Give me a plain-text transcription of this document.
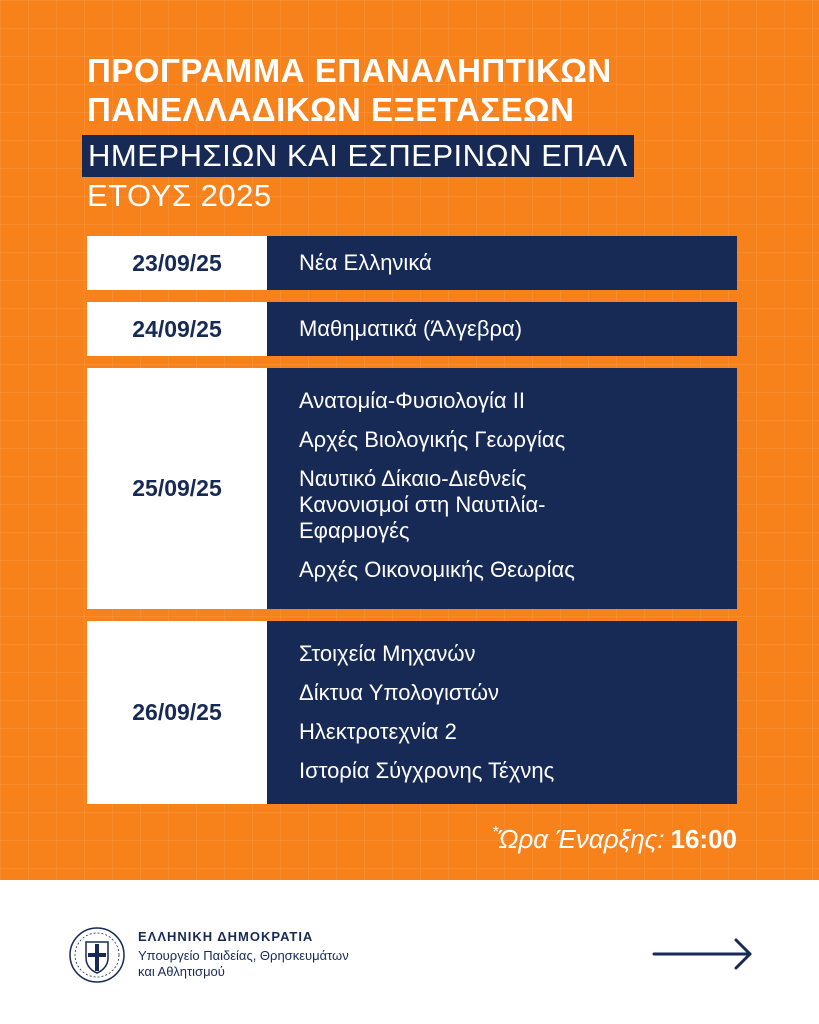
ΠΡΟΓΡΑΜΜΑ ΕΠΑΝΑΛΗΠΤΙΚΩΝ
ΠΑΝΕΛΛΑΔΙΚΩΝ ΕΞΕΤΑΣΕΩΝ
ΗΜΕΡΗΣΙΩΝ ΚΑΙ ΕΣΠΕΡΙΝΩΝ ΕΠΑΛ
ΕΤΟΥΣ 2025
23/09/25	Νέα Ελληνικά
24/09/25	Μαθηματικά (Άλγεβρα)
25/09/25
Ανατομία-Φυσιολογία ΙΙ
Αρχές Βιολογικής Γεωργίας
Ναυτικό Δίκαιο-Διεθνείς
Κανονισμοί στη Ναυτιλία-
Εφαρμογές
Αρχές Οικονομικής Θεωρίας
26/09/25
Στοιχεία Μηχανών
Δίκτυα Υπολογιστών
Ηλεκτροτεχνία 2
Ιστορία Σύγχρονης Τέχνης
*Ώρα Έναρξης: 16:00
ΕΛΛΗΝΙΚΗ ΔΗΜΟΚΡΑΤΙΑ
Υπουργείο Παιδείας, Θρησκευμάτων
και Αθλητισμού
